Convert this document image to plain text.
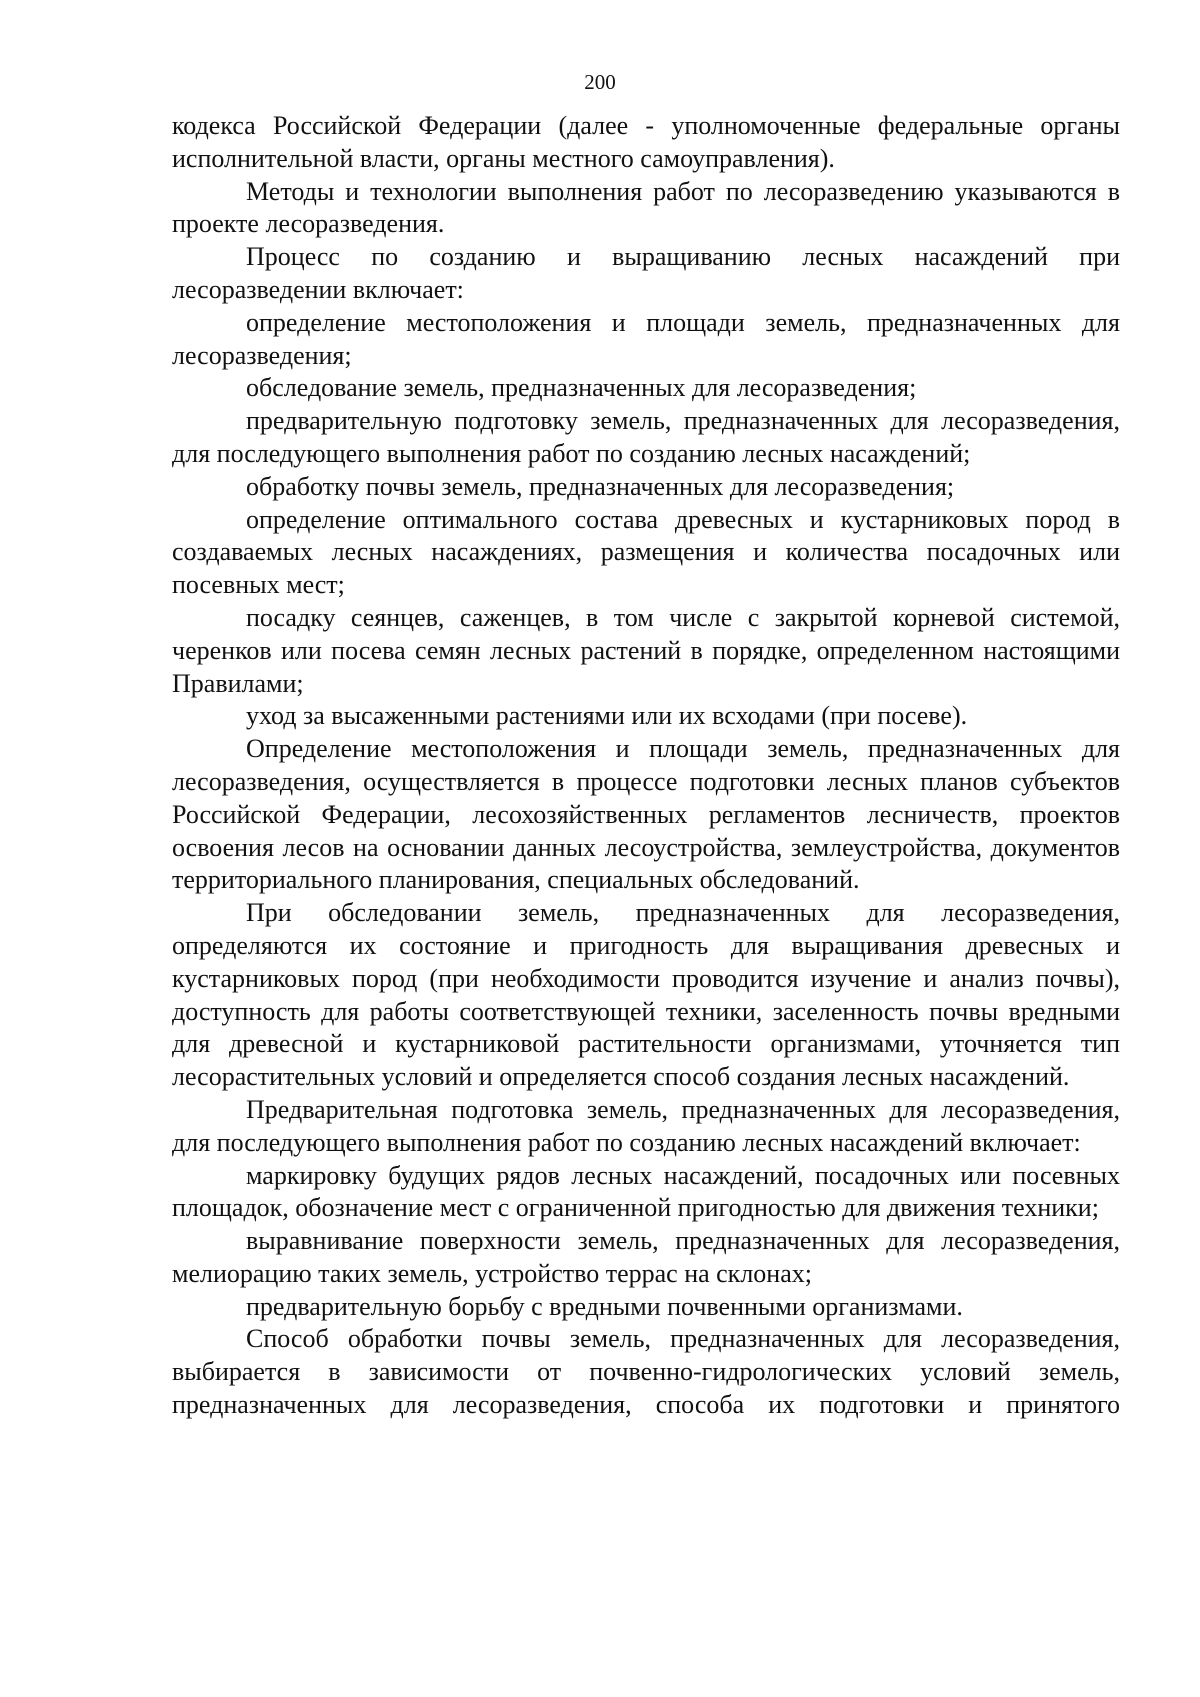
200

кодекса Российской Федерации (далее - уполномоченные федеральные органы исполнительной власти, органы местного самоуправления).

Методы и технологии выполнения работ по лесоразведению указываются в проекте лесоразведения.

Процесс по созданию и выращиванию лесных насаждений при лесоразведении включает:

определение местоположения и площади земель, предназначенных для лесоразведения;

обследование земель, предназначенных для лесоразведения;

предварительную подготовку земель, предназначенных для лесоразведения, для последующего выполнения работ по созданию лесных насаждений;

обработку почвы земель, предназначенных для лесоразведения;

определение оптимального состава древесных и кустарниковых пород в создаваемых лесных насаждениях, размещения и количества посадочных или посевных мест;

посадку сеянцев, саженцев, в том числе с закрытой корневой системой, черенков или посева семян лесных растений в порядке, определенном настоящими Правилами;

уход за высаженными растениями или их всходами (при посеве).

Определение местоположения и площади земель, предназначенных для лесоразведения, осуществляется в процессе подготовки лесных планов субъектов Российской Федерации, лесохозяйственных регламентов лесничеств, проектов освоения лесов на основании данных лесоустройства, землеустройства, документов территориального планирования, специальных обследований.

При обследовании земель, предназначенных для лесоразведения, определяются их состояние и пригодность для выращивания древесных и кустарниковых пород (при необходимости проводится изучение и анализ почвы), доступность для работы соответствующей техники, заселенность почвы вредными для древесной и кустарниковой растительности организмами, уточняется тип лесорастительных условий и определяется способ создания лесных насаждений.

Предварительная подготовка земель, предназначенных для лесоразведения, для последующего выполнения работ по созданию лесных насаждений включает:

маркировку будущих рядов лесных насаждений, посадочных или посевных площадок, обозначение мест с ограниченной пригодностью для движения техники;

выравнивание поверхности земель, предназначенных для лесоразведения, мелиорацию таких земель, устройство террас на склонах;

предварительную борьбу с вредными почвенными организмами.

Способ обработки почвы земель, предназначенных для лесоразведения, выбирается в зависимости от почвенно-гидрологических условий земель, предназначенных для лесоразведения, способа их подготовки и принятого
